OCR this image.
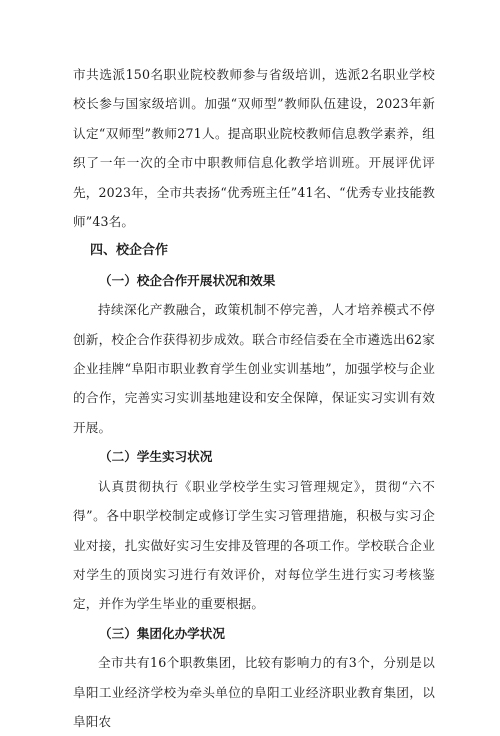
市共选派150名职业院校教师参与省级培训，选派2名职业学校校长参与国家级培训。加强“双师型”教师队伍建设，2023年新认定“双师型”教师271人。提高职业院校教师信息教学素养，组织了一年一次的全市中职教师信息化教学培训班。开展评优评先，2023年，全市共表扬“优秀班主任”41名、“优秀专业技能教师”43名。

四、校企合作
（一）校企合作开展状况和效果

持续深化产教融合，政策机制不停完善，人才培养模式不停创新，校企合作获得初步成效。联合市经信委在全市遴选出62家企业挂牌“阜阳市职业教育学生创业实训基地”，加强学校与企业的合作，完善实习实训基地建设和安全保障，保证实习实训有效开展。

（二）学生实习状况

认真贯彻执行《职业学校学生实习管理规定》，贯彻“六不得”。各中职学校制定或修订学生实习管理措施，积极与实习企业对接，扎实做好实习生安排及管理的各项工作。学校联合企业对学生的顶岗实习进行有效评价，对每位学生进行实习考核鉴定，并作为学生毕业的重要根据。

（三）集团化办学状况

全市共有16个职教集团，比较有影响力的有3个，分别是以阜阳工业经济学校为牵头单位的阜阳工业经济职业教育集团，以阜阳农
